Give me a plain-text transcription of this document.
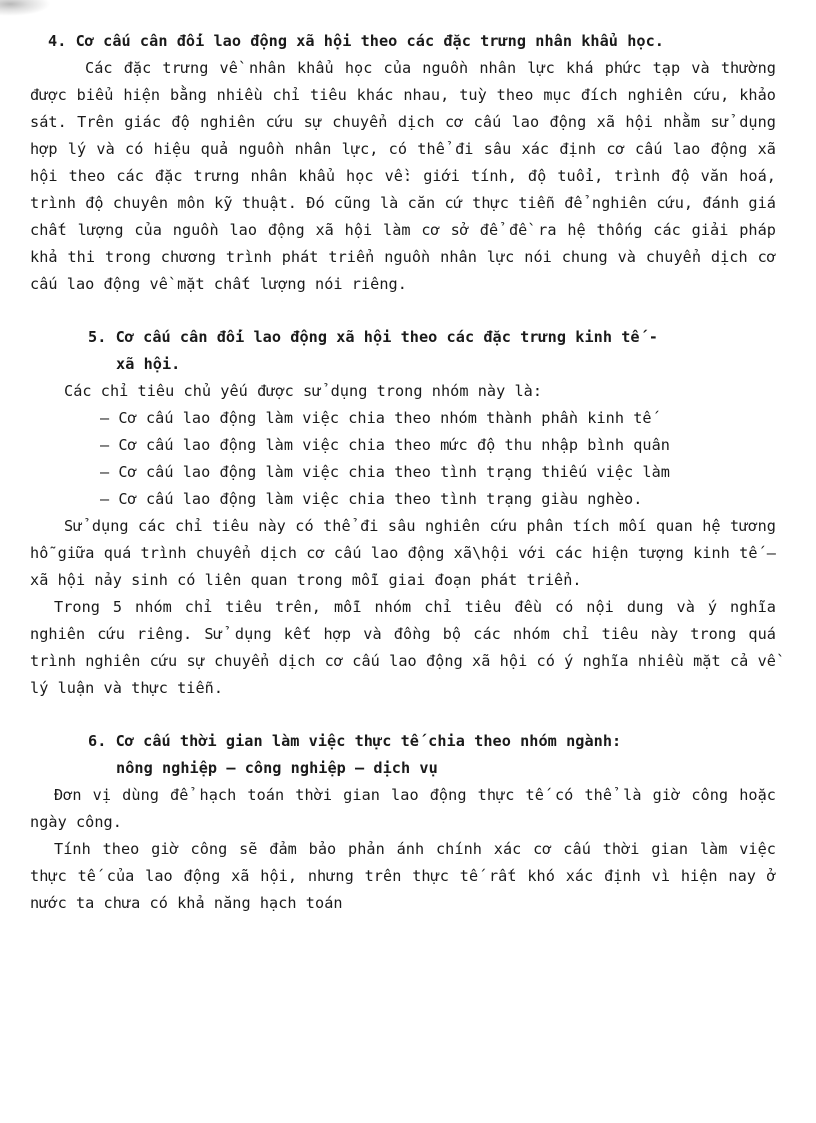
4. Cơ cấu cân đối lao động xã hội theo các đặc trưng nhân khẩu học.

Các đặc trưng về nhân khẩu học của nguồn nhân lực khá phức tạp và thường được biểu hiện bằng nhiều chỉ tiêu khác nhau, tuỳ theo mục đích nghiên cứu, khảo sát. Trên giác độ nghiên cứu sự chuyển dịch cơ cấu lao động xã hội nhằm sử dụng hợp lý và có hiệu quả nguồn nhân lực, có thể đi sâu xác định cơ cấu lao động xã hội theo các đặc trưng nhân khẩu học về: giới tính, độ tuổi, trình độ văn hoá, trình độ chuyên môn kỹ thuật. Đó cũng là căn cứ thực tiễn để nghiên cứu, đánh giá chất lượng của nguồn lao động xã hội làm cơ sở để đề ra hệ thống các giải pháp khả thi trong chương trình phát triển nguồn nhân lực nói chung và chuyển dịch cơ cấu lao động về mặt chất lượng nói riêng.

5. Cơ cấu cân đối lao động xã hội theo các đặc trưng kinh tế -
xã hội.

Các chỉ tiêu chủ yếu được sử dụng trong nhóm này là:

– Cơ cấu lao động làm việc chia theo nhóm thành phần kinh tế
– Cơ cấu lao động làm việc chia theo mức độ thu nhập bình quân
– Cơ cấu lao động làm việc chia theo tình trạng thiếu việc làm
– Cơ cấu lao động làm việc chia theo tình trạng giàu nghèo.

Sử dụng các chỉ tiêu này có thể đi sâu nghiên cứu phân tích mối quan hệ tương hỗ giữa quá trình chuyển dịch cơ cấu lao động xã\hội với các hiện tượng kinh tế – xã hội nảy sinh có liên quan trong mỗi giai đoạn phát triển.

Trong 5 nhóm chỉ tiêu trên, mỗi nhóm chỉ tiêu đều có nội dung và ý nghĩa nghiên cứu riêng. Sử dụng kết hợp và đồng bộ các nhóm chỉ tiêu này trong quá trình nghiên cứu sự chuyển dịch cơ cấu lao động xã hội có ý nghĩa nhiều mặt cả về lý luận và thực tiễn.

6. Cơ cấu thời gian làm việc thực tế chia theo nhóm ngành:
nông nghiệp – công nghiệp – dịch vụ

Đơn vị dùng để hạch toán thời gian lao động thực tế có thể là giờ công hoặc ngày công.

Tính theo giờ công sẽ đảm bảo phản ánh chính xác cơ cấu thời gian làm việc thực tế của lao động xã hội, nhưng trên thực tế rất khó xác định vì hiện nay ở nước ta chưa có khả năng hạch toán
